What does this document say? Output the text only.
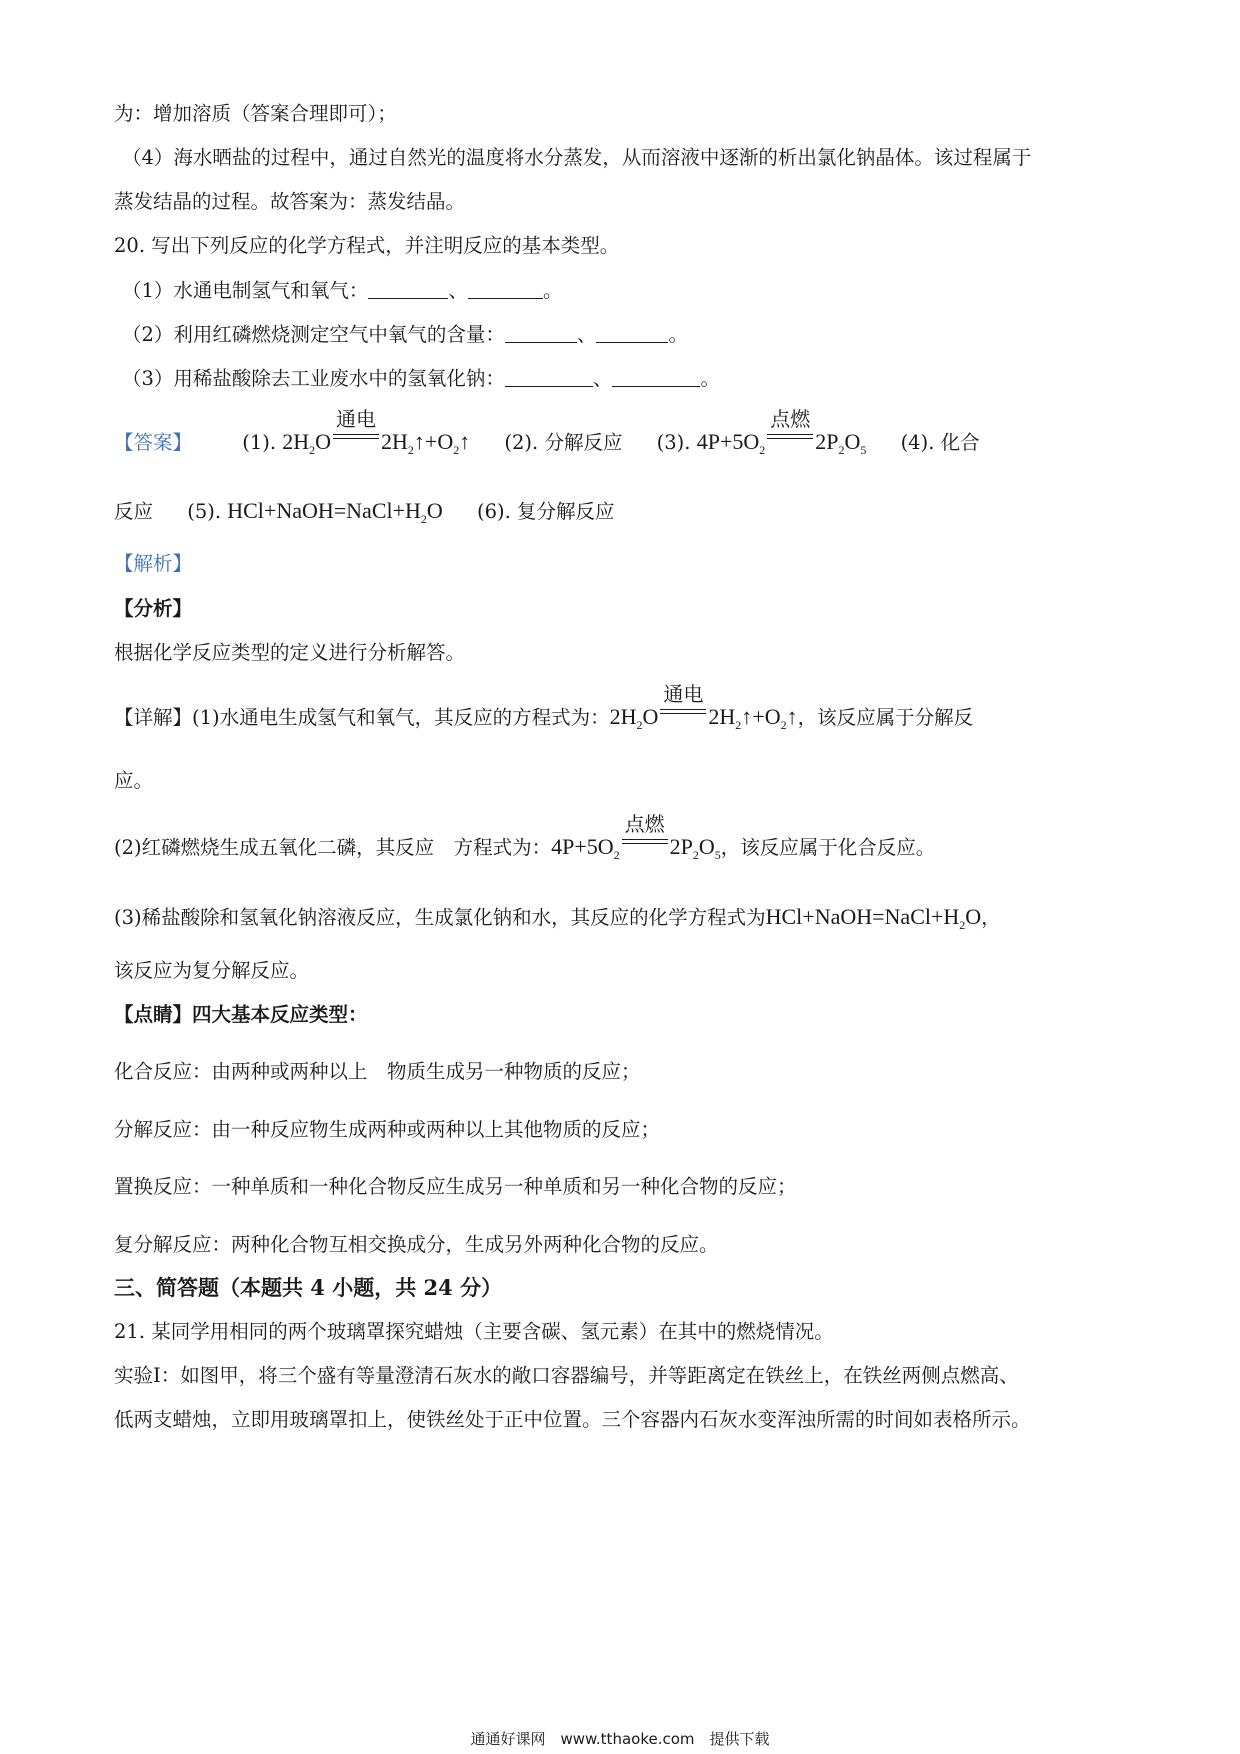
为：增加溶质（答案合理即可）；
（4）海水晒盐的过程中，通过自然光的温度将水分蒸发，从而溶液中逐渐的析出氯化钠晶体。该过程属于
蒸发结晶的过程。故答案为：蒸发结晶。
20. 写出下列反应的化学方程式，并注明反应的基本类型。
（1）水通电制氢气和氧气：	、	。
（2）利用红磷燃烧测定空气中氧气的含量：	、	。
（3）用稀盐酸除去工业废水中的氢氧化钠：	、	。
【答案】	(1). $2H_2O$
通电
$2H_2↑+O_2↑$ (2). 分解反应 (3). $4P+5O_2$
点燃
$2P_2O_5$ (4). 化合
反应 (5). $HCl+NaOH=NaCl+H_2O$ (6). 复分解反应
【解析】
【分析】
根据化学反应类型的定义进行分析解答。
【详解】(1)水通电生成氢气和氧气，其反应的方程式为：$2H_2O$
通电
$2H_2↑+O_2↑$，该反应属于分解反
应。
(2)红磷燃烧生成五氧化二磷，其反应　方程式为：$4P+5O_2$
点燃
$2P_2O_5$，该反应属于化合反应。
(3)稀盐酸除和氢氧化钠溶液反应，生成氯化钠和水，其反应的化学方程式为$HCl+NaOH=NaCl+H_2O$，
该反应为复分解反应。
【点睛】四大基本反应类型：
化合反应：由两种或两种以上　物质生成另一种物质的反应；
分解反应：由一种反应物生成两种或两种以上其他物质的反应；
置换反应：一种单质和一种化合物反应生成另一种单质和另一种化合物的反应；
复分解反应：两种化合物互相交换成分，生成另外两种化合物的反应。
三、简答题（本题共 4 小题，共 24 分）
21. 某同学用相同的两个玻璃罩探究蜡烛（主要含碳、氢元素）在其中的燃烧情况。
实验Ⅰ：如图甲，将三个盛有等量澄清石灰水的敞口容器编号，并等距离定在铁丝上，在铁丝两侧点燃高、
低两支蜡烛，立即用玻璃罩扣上，使铁丝处于正中位置。三个容器内石灰水变浑浊所需的时间如表格所示。
通通好课网　www.tthaoke.com　提供下载
